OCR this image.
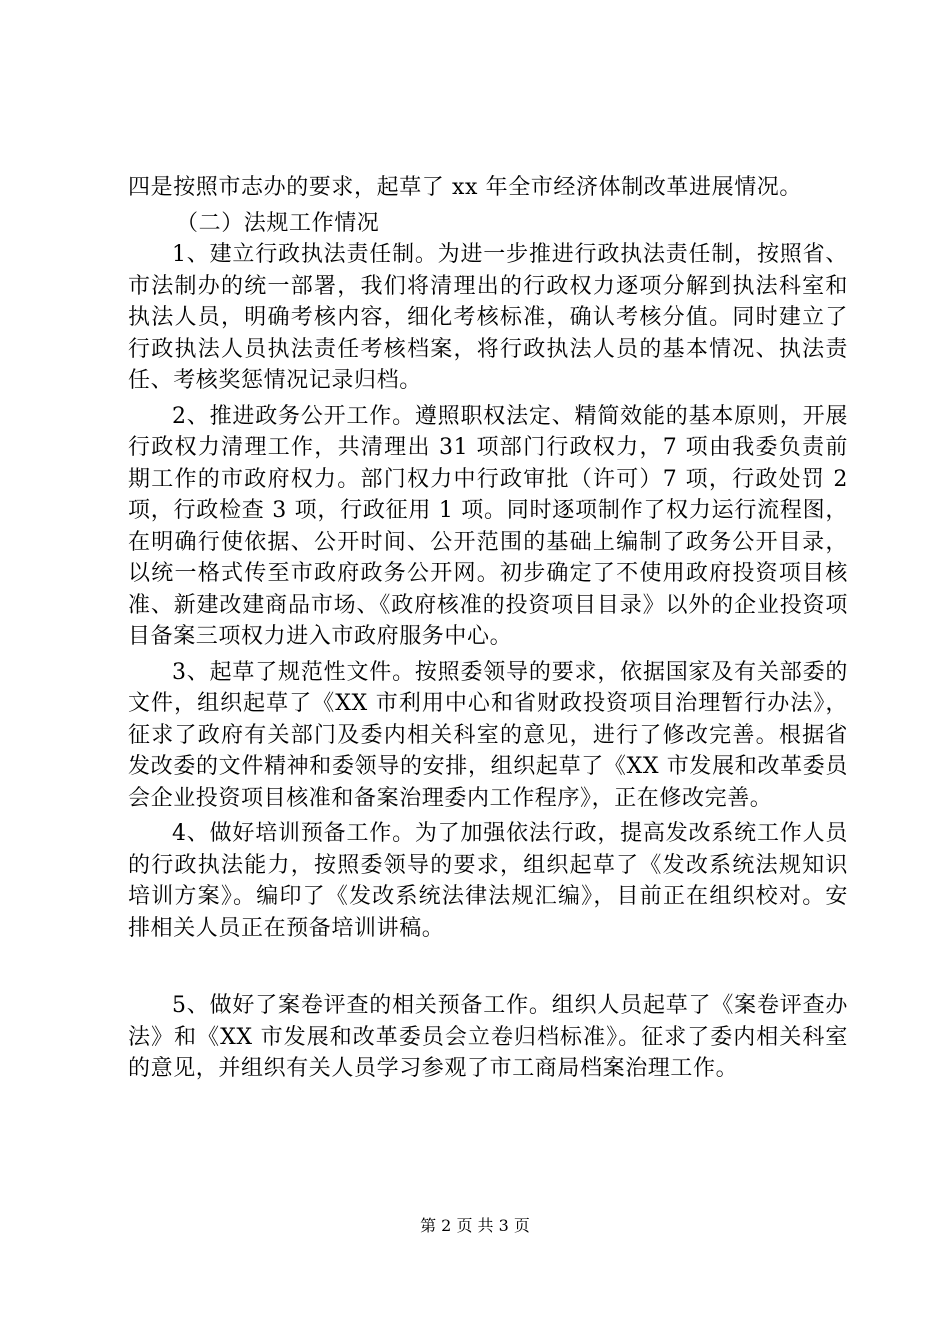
四是按照市志办的要求，起草了 xx 年全市经济体制改革进展情况。

（二）法规工作情况

1、建立行政执法责任制。为进一步推进行政执法责任制，按照省、市法制办的统一部署，我们将清理出的行政权力逐项分解到执法科室和执法人员，明确考核内容，细化考核标准，确认考核分值。同时建立了行政执法人员执法责任考核档案，将行政执法人员的基本情况、执法责任、考核奖惩情况记录归档。

2、推进政务公开工作。遵照职权法定、精简效能的基本原则，开展行政权力清理工作，共清理出 31 项部门行政权力，7 项由我委负责前期工作的市政府权力。部门权力中行政审批（许可）7 项，行政处罚 2 项，行政检查 3 项，行政征用 1 项。同时逐项制作了权力运行流程图，在明确行使依据、公开时间、公开范围的基础上编制了政务公开目录，以统一格式传至市政府政务公开网。初步确定了不使用政府投资项目核准、新建改建商品市场、《政府核准的投资项目目录》以外的企业投资项目备案三项权力进入市政府服务中心。

3、起草了规范性文件。按照委领导的要求，依据国家及有关部委的文件，组织起草了《XX 市利用中心和省财政投资项目治理暂行办法》，征求了政府有关部门及委内相关科室的意见，进行了修改完善。根据省发改委的文件精神和委领导的安排，组织起草了《XX 市发展和改革委员会企业投资项目核准和备案治理委内工作程序》，正在修改完善。

4、做好培训预备工作。为了加强依法行政，提高发改系统工作人员的行政执法能力，按照委领导的要求，组织起草了《发改系统法规知识培训方案》。编印了《发改系统法律法规汇编》，目前正在组织校对。安排相关人员正在预备培训讲稿。

5、做好了案卷评查的相关预备工作。组织人员起草了《案卷评查办法》和《XX 市发展和改革委员会立卷归档标准》。征求了委内相关科室的意见，并组织有关人员学习参观了市工商局档案治理工作。

第 2 页 共 3 页
